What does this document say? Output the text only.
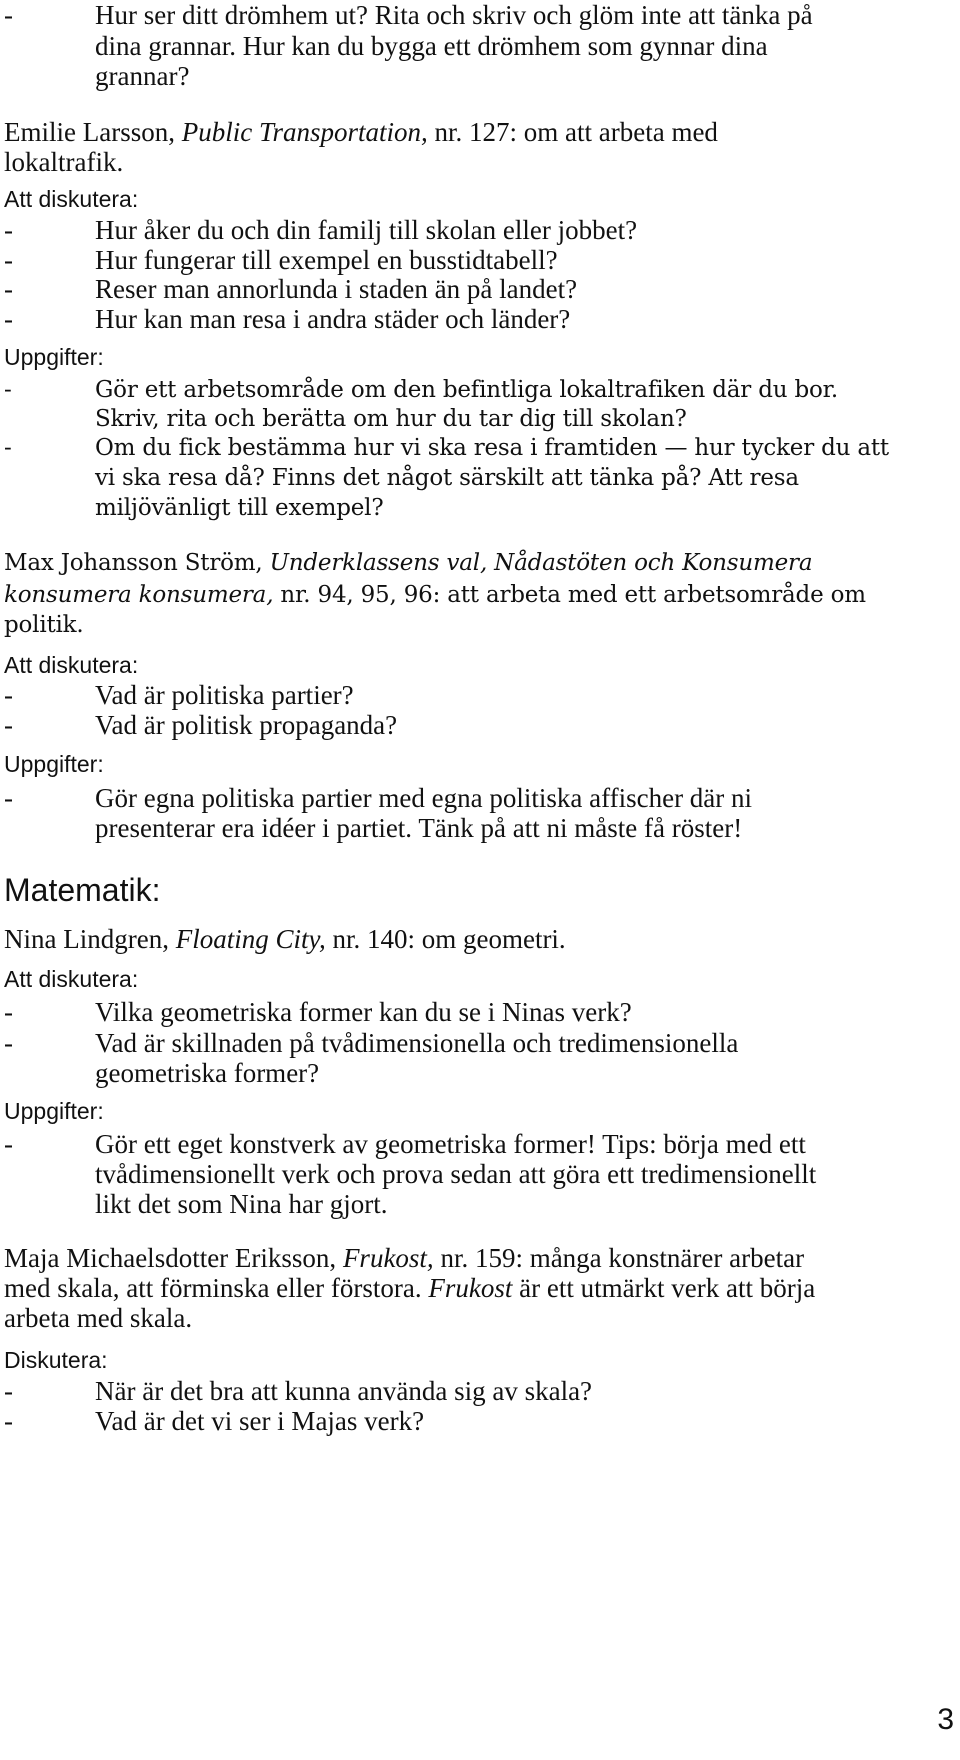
-	Hur ser ditt drömhem ut? Rita och skriv och glöm inte att tänka på
dina grannar. Hur kan du bygga ett drömhem som gynnar dina
grannar?
Emilie Larsson, Public Transportation, nr. 127: om att arbeta med
lokaltrafik.
Att diskutera:
-	Hur åker du och din familj till skolan eller jobbet?
-	Hur fungerar till exempel en busstidtabell?
-	Reser man annorlunda i staden än på landet?
-	Hur kan man resa i andra städer och länder?
Uppgifter:
-	Gör ett arbetsområde om den befintliga lokaltrafiken där du bor.
Skriv, rita och berätta om hur du tar dig till skolan?
-	Om du fick bestämma hur vi ska resa i framtiden — hur tycker du att
vi ska resa då? Finns det något särskilt att tänka på? Att resa
miljövänligt till exempel?
Max Johansson Ström, Underklassens val, Nådastöten och Konsumera
konsumera konsumera, nr. 94, 95, 96: att arbeta med ett arbetsområde om
politik.
Att diskutera:
-	Vad är politiska partier?
-	Vad är politisk propaganda?
Uppgifter:
-	Gör egna politiska partier med egna politiska affischer där ni
presenterar era idéer i partiet. Tänk på att ni måste få röster!
Matematik:
Nina Lindgren, Floating City, nr. 140: om geometri.
Att diskutera:
-	Vilka geometriska former kan du se i Ninas verk?
-	Vad är skillnaden på tvådimensionella och tredimensionella
geometriska former?
Uppgifter:
-	Gör ett eget konstverk av geometriska former! Tips: börja med ett
tvådimensionellt verk och prova sedan att göra ett tredimensionellt
likt det som Nina har gjort.
Maja Michaelsdotter Eriksson, Frukost, nr. 159: många konstnärer arbetar
med skala, att förminska eller förstora. Frukost är ett utmärkt verk att börja
arbeta med skala.
Diskutera:
-	När är det bra att kunna använda sig av skala?
-	Vad är det vi ser i Majas verk?
3
